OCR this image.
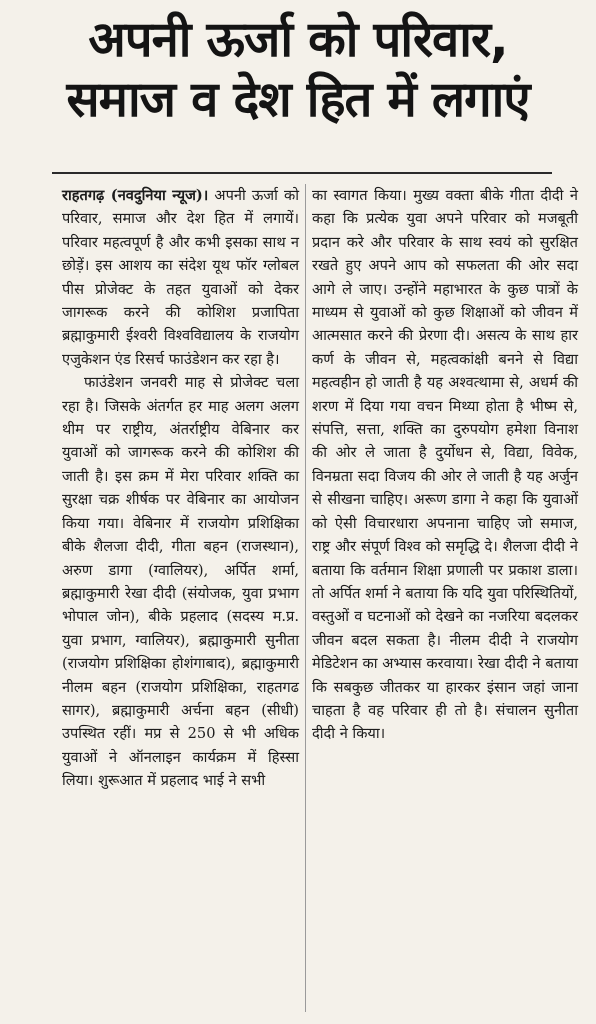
अपनी ऊर्जा को परिवार,
समाज व देश हित में लगाएं

राहतगढ़ (नवदुनिया न्यूज)। अपनी ऊर्जा को परिवार, समाज और देश हित में लगायें। परिवार महत्वपूर्ण है और कभी इसका साथ न छोड़ें। इस आशय का संदेश यूथ फॉर ग्लोबल पीस प्रोजेक्ट के तहत युवाओं को देकर जागरूक करने की कोशिश प्रजापिता ब्रह्माकुमारी ईश्वरी विश्वविद्यालय के राजयोग एजुकेशन एंड रिसर्च फाउंडेशन कर रहा है।

फाउंडेशन जनवरी माह से प्रोजेक्ट चला रहा है। जिसके अंतर्गत हर माह अलग अलग थीम पर राष्ट्रीय, अंतर्राष्ट्रीय वेबिनार कर युवाओं को जागरूक करने की कोशिश की जाती है। इस क्रम में मेरा परिवार शक्ति का सुरक्षा चक्र शीर्षक पर वेबिनार का आयोजन किया गया। वेबिनार में राजयोग प्रशिक्षिका बीके शैलजा दीदी, गीता बहन (राजस्थान), अरुण डागा (ग्वालियर), अर्पित शर्मा, ब्रह्माकुमारी रेखा दीदी (संयोजक, युवा प्रभाग भोपाल जोन), बीके प्रहलाद (सदस्य म.प्र. युवा प्रभाग, ग्वालियर), ब्रह्माकुमारी सुनीता (राजयोग प्रशिक्षिका होशंगाबाद), ब्रह्माकुमारी नीलम बहन (राजयोग प्रशिक्षिका, राहतगढ सागर), ब्रह्माकुमारी अर्चना बहन (सीधी) उपस्थित रहीं। मप्र से 250 से भी अधिक युवाओं ने ऑनलाइन कार्यक्रम में हिस्सा लिया। शुरूआत में प्रहलाद भाई ने सभी

का स्वागत किया। मुख्य वक्ता बीके गीता दीदी ने कहा कि प्रत्येक युवा अपने परिवार को मजबूती प्रदान करे और परिवार के साथ स्वयं को सुरक्षित रखते हुए अपने आप को सफलता की ओर सदा आगे ले जाए। उन्होंने महाभारत के कुछ पात्रों के माध्यम से युवाओं को कुछ शिक्षाओं को जीवन में आत्मसात करने की प्रेरणा दी। असत्य के साथ हार कर्ण के जीवन से, महत्वकांक्षी बनने से विद्या महत्वहीन हो जाती है यह अश्वत्थामा से, अधर्म की शरण में दिया गया वचन मिथ्या होता है भीष्म से, संपत्ति, सत्ता, शक्ति का दुरुपयोग हमेशा विनाश की ओर ले जाता है दुर्योधन से, विद्या, विवेक, विनम्रता सदा विजय की ओर ले जाती है यह अर्जुन से सीखना चाहिए। अरूण डागा ने कहा कि युवाओं को ऐसी विचारधारा अपनाना चाहिए जो समाज, राष्ट्र और संपूर्ण विश्व को समृद्धि दे। शैलजा दीदी ने बताया कि वर्तमान शिक्षा प्रणाली पर प्रकाश डाला। तो अर्पित शर्मा ने बताया कि यदि युवा परिस्थितियों, वस्तुओं व घटनाओं को देखने का नजरिया बदलकर जीवन बदल सकता है। नीलम दीदी ने राजयोग मेडिटेशन का अभ्यास करवाया। रेखा दीदी ने बताया कि सबकुछ जीतकर या हारकर इंसान जहां जाना चाहता है वह परिवार ही तो है। संचालन सुनीता दीदी ने किया।
